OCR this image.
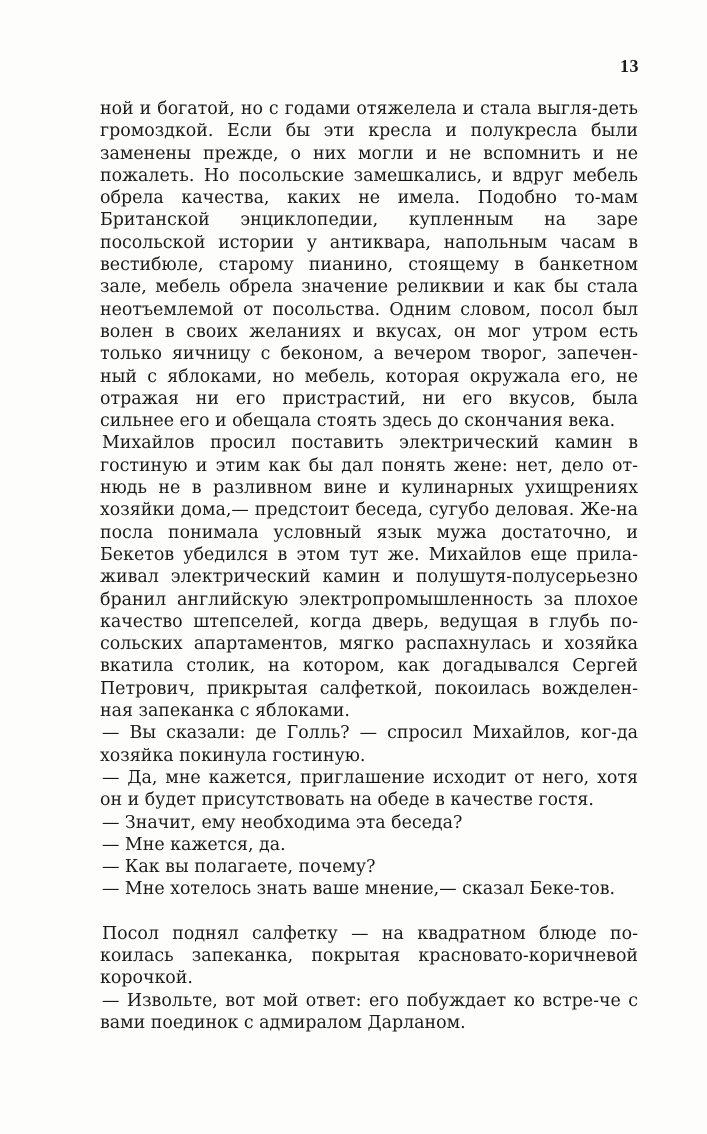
13

ной и богатой, но с годами отяжелела и стала выгля-деть громоздкой. Если бы эти кресла и полукресла были заменены прежде, о них могли и не вспомнить и не пожалеть. Но посольские замешкались, и вдруг мебель обрела качества, каких не имела. Подобно то-мам Британской энциклопедии, купленным на заре посольской истории у антиквара, напольным часам в вестибюле, старому пианино, стоящему в банкетном зале, мебель обрела значение реликвии и как бы стала неотъемлемой от посольства. Одним словом, посол был волен в своих желаниях и вкусах, он мог утром есть только яичницу с беконом, а вечером творог, запечен-ный с яблоками, но мебель, которая окружала его, не отражая ни его пристрастий, ни его вкусов, была сильнее его и обещала стоять здесь до скончания века.

Михайлов просил поставить электрический камин в гостиную и этим как бы дал понять жене: нет, дело от-нюдь не в разливном вине и кулинарных ухищрениях хозяйки дома,— предстоит беседа, сугубо деловая. Же-на посла понимала условный язык мужа достаточно, и Бекетов убедился в этом тут же. Михайлов еще прила-живал электрический камин и полушутя-полусерьезно бранил английскую электропромышленность за плохое качество штепселей, когда дверь, ведущая в глубь по-сольских апартаментов, мягко распахнулась и хозяйка вкатила столик, на котором, как догадывался Сергей Петрович, прикрытая салфеткой, покоилась вожделен-ная запеканка с яблоками.

— Вы сказали: де Голль? — спросил Михайлов, ког-да хозяйка покинула гостиную.

— Да, мне кажется, приглашение исходит от него, хотя он и будет присутствовать на обеде в качестве гостя.

— Значит, ему необходима эта беседа?

— Мне кажется, да.

— Как вы полагаете, почему?

— Мне хотелось знать ваше мнение,— сказал Беке-тов.

Посол поднял салфетку — на квадратном блюде по-коилась запеканка, покрытая красновато-коричневой корочкой.

— Извольте, вот мой ответ: его побуждает ко встре-че с вами поединок с адмиралом Дарланом.
